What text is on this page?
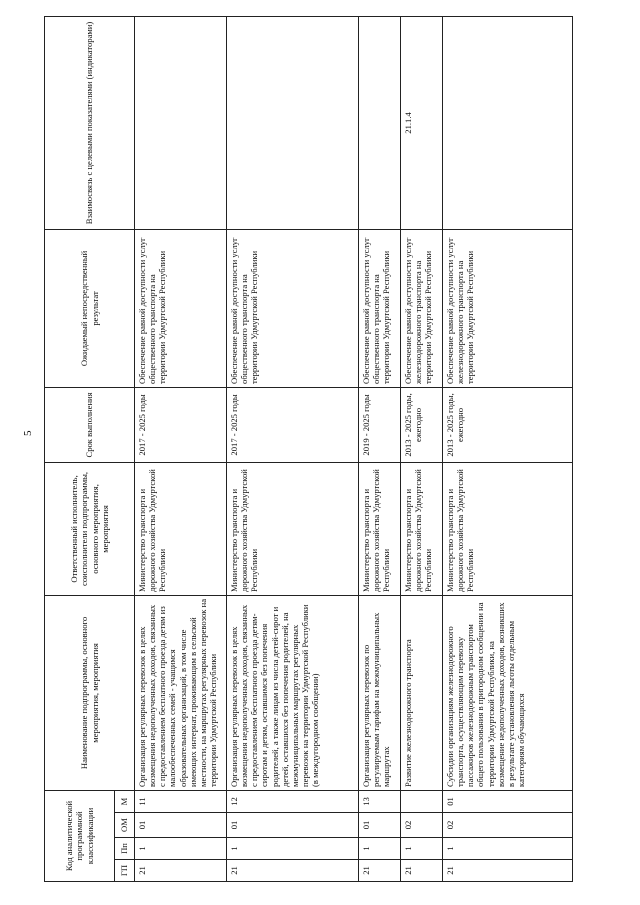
5
Код аналитической программной классификации				Наименование подпрограммы, основного мероприятия, мероприятия	Ответственный исполнитель, соисполнители подпрограммы, основного мероприятия, мероприятия	Срок выполнения	Ожидаемый непосредственный результат	Взаимосвязь с целевыми показателями (индикаторами)
ГП	Пп	ОМ	М					
21	1	01	11	Организация регулярных перевозок в целях возмещения недополученных доходов, связанных с предоставлением бесплатного проезда детям из малообеспеченных семей - учащимся образовательных организаций, в том числе имеющих интернат, проживающим в сельской местности, на маршрутах регулярных перевозок на территории Удмуртской Республики	Министерство транспорта и дорожного хозяйства Удмуртской Республики	2017 - 2025 годы	Обеспечение равной доступности услуг общественного транспорта на территории Удмуртской Республики	
21	1	01	12	Организация регулярных перевозок в целях возмещения недополученных доходов, связанных с предоставлением бесплатного проезда детям-сиротам и детям, оставшимся без попечения родителей, а также лицам из числа детей-сирот и детей, оставшихся без попечения родителей, на межмуниципальных маршрутах регулярных перевозок на территории Удмуртской Республики (в междугородном сообщении)	Министерство транспорта и дорожного хозяйства Удмуртской Республики	2017 - 2025 годы	Обеспечение равной доступности услуг общественного транспорта на территории Удмуртской Республики	
21	1	01	13	Организация регулярных перевозок по регулируемым тарифам на межмуниципальных маршрутах	Министерство транспорта и дорожного хозяйства Удмуртской Республики	2019 - 2025 годы	Обеспечение равной доступности услуг общественного транспорта на территории Удмуртской Республики	
21	1	02		Развитие железнодорожного транспорта	Министерство транспорта и дорожного хозяйства Удмуртской Республики	2013 - 2025 годы, ежегодно	Обеспечение равной доступности услуг железнодорожного транспорта на территории Удмуртской Республики	21.1.4
21	1	02	01	Субсидии организациям железнодорожного транспорта, осуществляющим перевозку пассажиров железнодорожным транспортом общего пользования в пригородном сообщении на территории Удмуртской Республики, на возмещение недополученных доходов, возникших в результате установления льготы отдельным категориям обучающихся	Министерство транспорта и дорожного хозяйства Удмуртской Республики	2013 - 2025 годы, ежегодно	Обеспечение равной доступности услуг железнодорожного транспорта на территории Удмуртской Республики	
